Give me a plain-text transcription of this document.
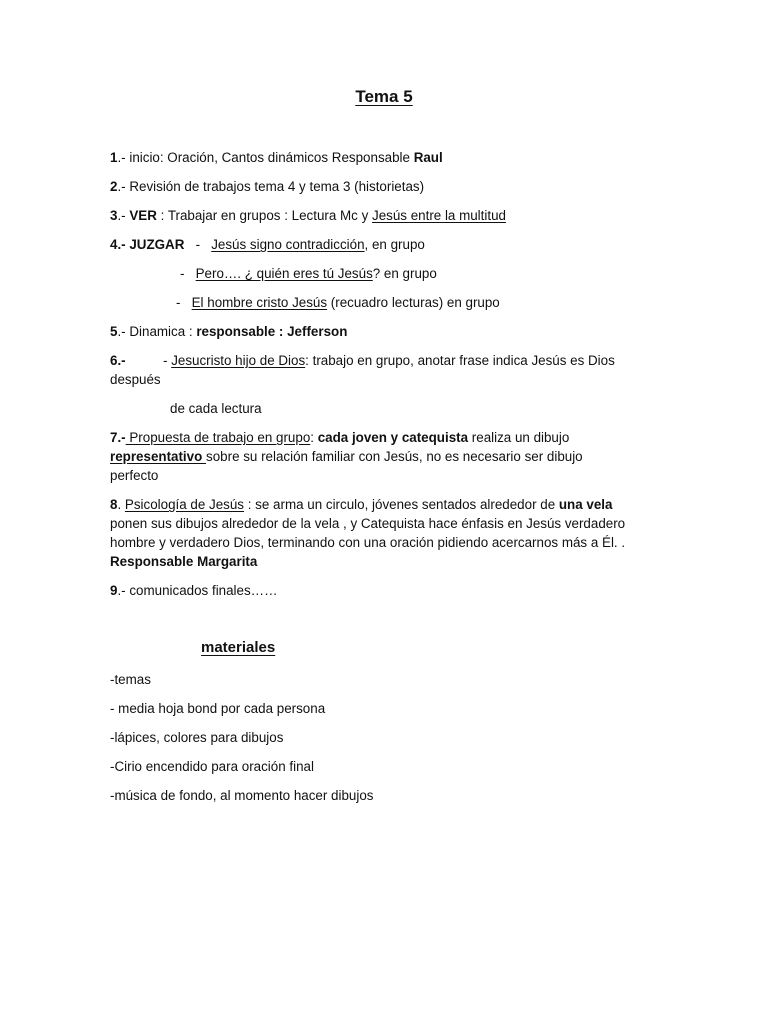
Tema 5
1.- inicio: Oración, Cantos dinámicos Responsable Raul
2.- Revisión de trabajos tema 4 y tema 3 (historietas)
3.- VER : Trabajar en grupos : Lectura Mc y Jesús entre la multitud
4.- JUZGAR   -   Jesús signo contradicción, en grupo
-   Pero…. ¿ quién eres tú Jesús? en grupo
-   El hombre cristo Jesús (recuadro lecturas) en grupo
5.- Dinamica : responsable : Jefferson
6.-	- Jesucristo hijo de Dios: trabajo en grupo, anotar frase indica Jesús es Dios
después
de cada lectura
7.- Propuesta de trabajo en grupo: cada joven y catequista realiza un dibujo
representativo sobre su relación familiar con Jesús, no es necesario ser dibujo
perfecto
8. Psicología de Jesús : se arma un circulo, jóvenes sentados alrededor de una vela
ponen sus dibujos alrededor de la vela , y Catequista hace énfasis en Jesús verdadero
hombre y verdadero Dios, terminando con una oración pidiendo acercarnos más a Él. .
Responsable Margarita
9.- comunicados finales……
materiales
-temas
- media hoja bond por cada persona
-lápices, colores para dibujos
-Cirio encendido para oración final
-música de fondo, al momento hacer dibujos
